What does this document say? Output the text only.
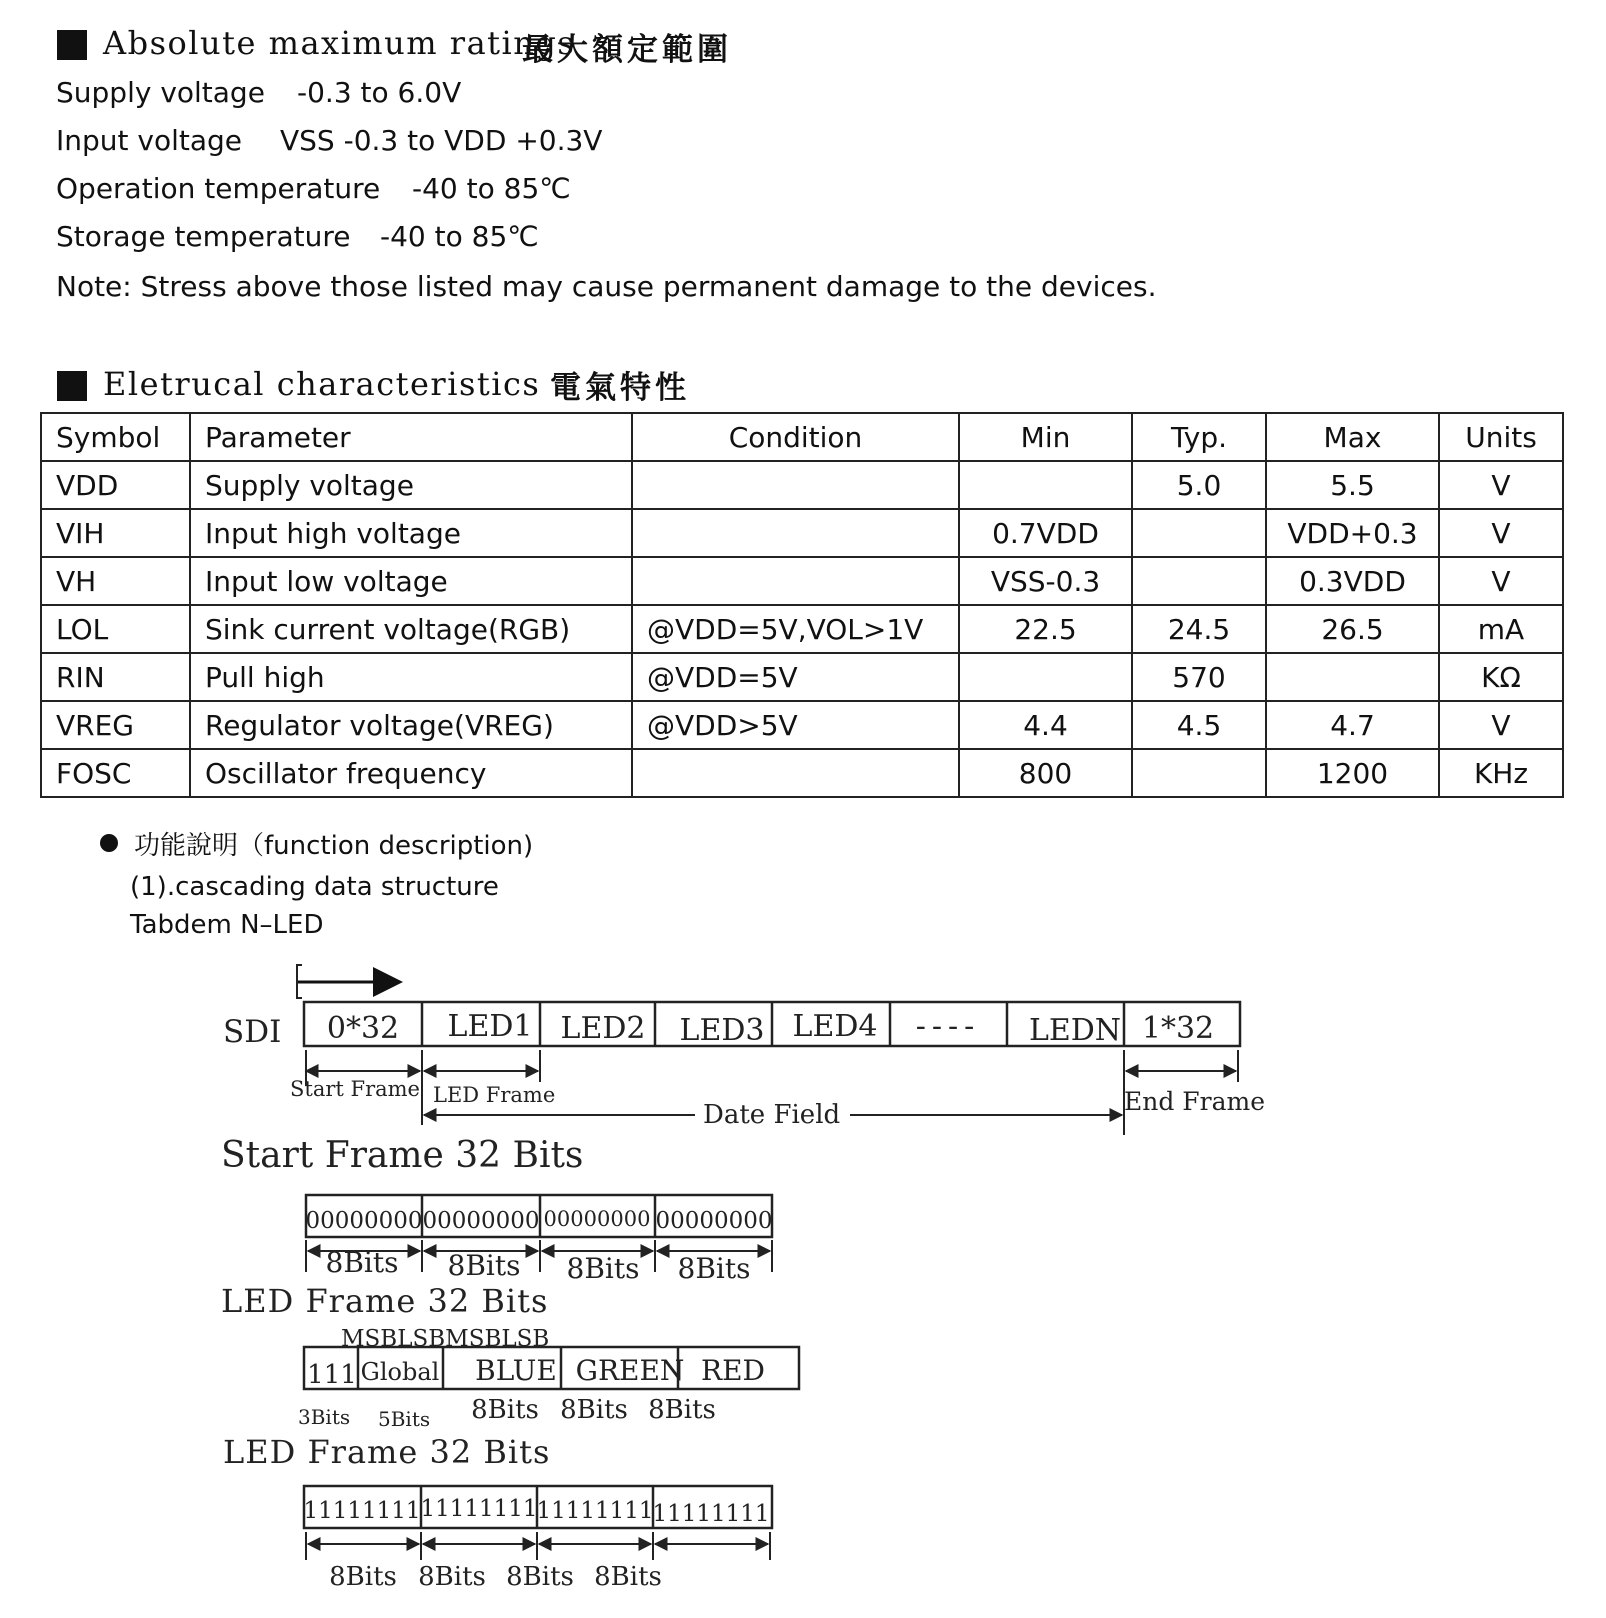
Absolute maximum ratings
最大額定範圍
Supply voltage -0.3 to 6.0V
Input voltage VSS -0.3 to VDD +0.3V
Operation temperature -40 to 85℃
Storage temperature -40 to 85℃
Note: Stress above those listed may cause permanent damage to the devices.
Eletrucal characteristics 電氣特性
Symbol	Parameter	Condition	Min	Typ.	Max	Units
VDD	Supply voltage			5.0	5.5	V
VIH	Input high voltage		0.7VDD		VDD+0.3	V
VH	Input low voltage		VSS-0.3		0.3VDD	V
LOL	Sink current voltage(RGB)	@VDD=5V,VOL>1V	22.5	24.5	26.5	mA
RIN	Pull high	@VDD=5V		570		KΩ
VREG	Regulator voltage(VREG)	@VDD>5V	4.4	4.5	4.7	V
FOSC	Oscillator frequency		800		1200	KHz
功能說明（function description)
(1).cascading data structure
Tabdem N–LED
SDI 0*32 LED1 LED2 LED3 LED4 ---- LEDN 1*32
Start Frame LED Frame
Date Field	End Frame
Start Frame 32 Bits
00000000 00000000 00000000 00000000
8Bits 8Bits 8Bits 8Bits
LED Frame 32 Bits
MSBLSBMSBLSB
111 Global BLUE GREEN RED
3Bits 5Bits 8Bits 8Bits 8Bits
LED Frame 32 Bits
11111111 11111111
11111111
11111111
8Bits 8Bits 8Bits 8Bits
